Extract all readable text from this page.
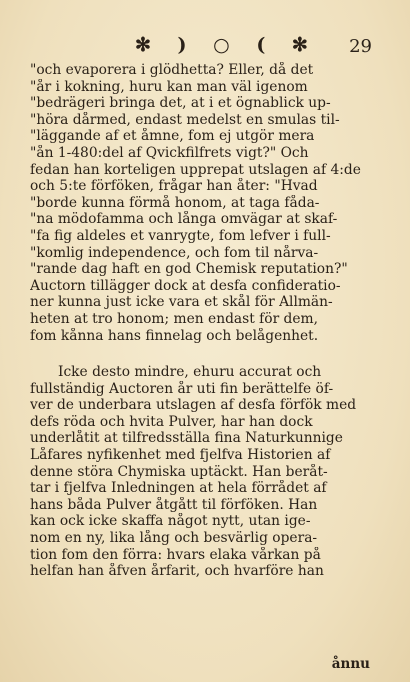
✻ ) ○ ( ✻ 29
"och evaporera i glödhetta? Eller, då det
"år i kokning, huru kan man väl igenom
"bedrägeri bringa det, at i et ögnablick up-
"höra dårmed, endast medelst en smulas til-
"läggande af et åmne, fom ej utgör mera
"ån 1-480:del af Qvickfilfrets vigt?" Och
fedan han korteligen upprepat utslagen af 4:de
och 5:te förföken, frågar han åter: "Hvad
"borde kunna förmå honom, at taga fåda-
"na mödofamma och långa omvägar at skaf-
"fa fig aldeles et vanrygte, fom lefver i full-
"komlig independence, och fom til nårva-
"rande dag haft en god Chemisk reputation?"
Auctorn tillägger dock at desfa confideratio-
ner kunna just icke vara et skål för Allmän-
heten at tro honom; men endast för dem,
fom kånna hans finnelag och belågenhet.
Icke desto mindre, ehuru accurat och
fullständig Auctoren år uti fin berättelfe öf-
ver de underbara utslagen af desfa förfök med
defs röda och hvita Pulver, har han dock
underlåtit at tilfredsställa fina Naturkunnige
Låfares nyfikenhet med fjelfva Historien af
denne störa Chymiska uptäckt. Han beråt-
tar i fjelfva Inledningen at hela förrådet af
hans båda Pulver åtgått til förföken. Han
kan ock icke skaffa något nytt, utan ige-
nom en ny, lika lång och besvärlig opera-
tion fom den förra: hvars elaka vårkan på
helfan han åfven årfarit, och hvarföre han
ånnu
